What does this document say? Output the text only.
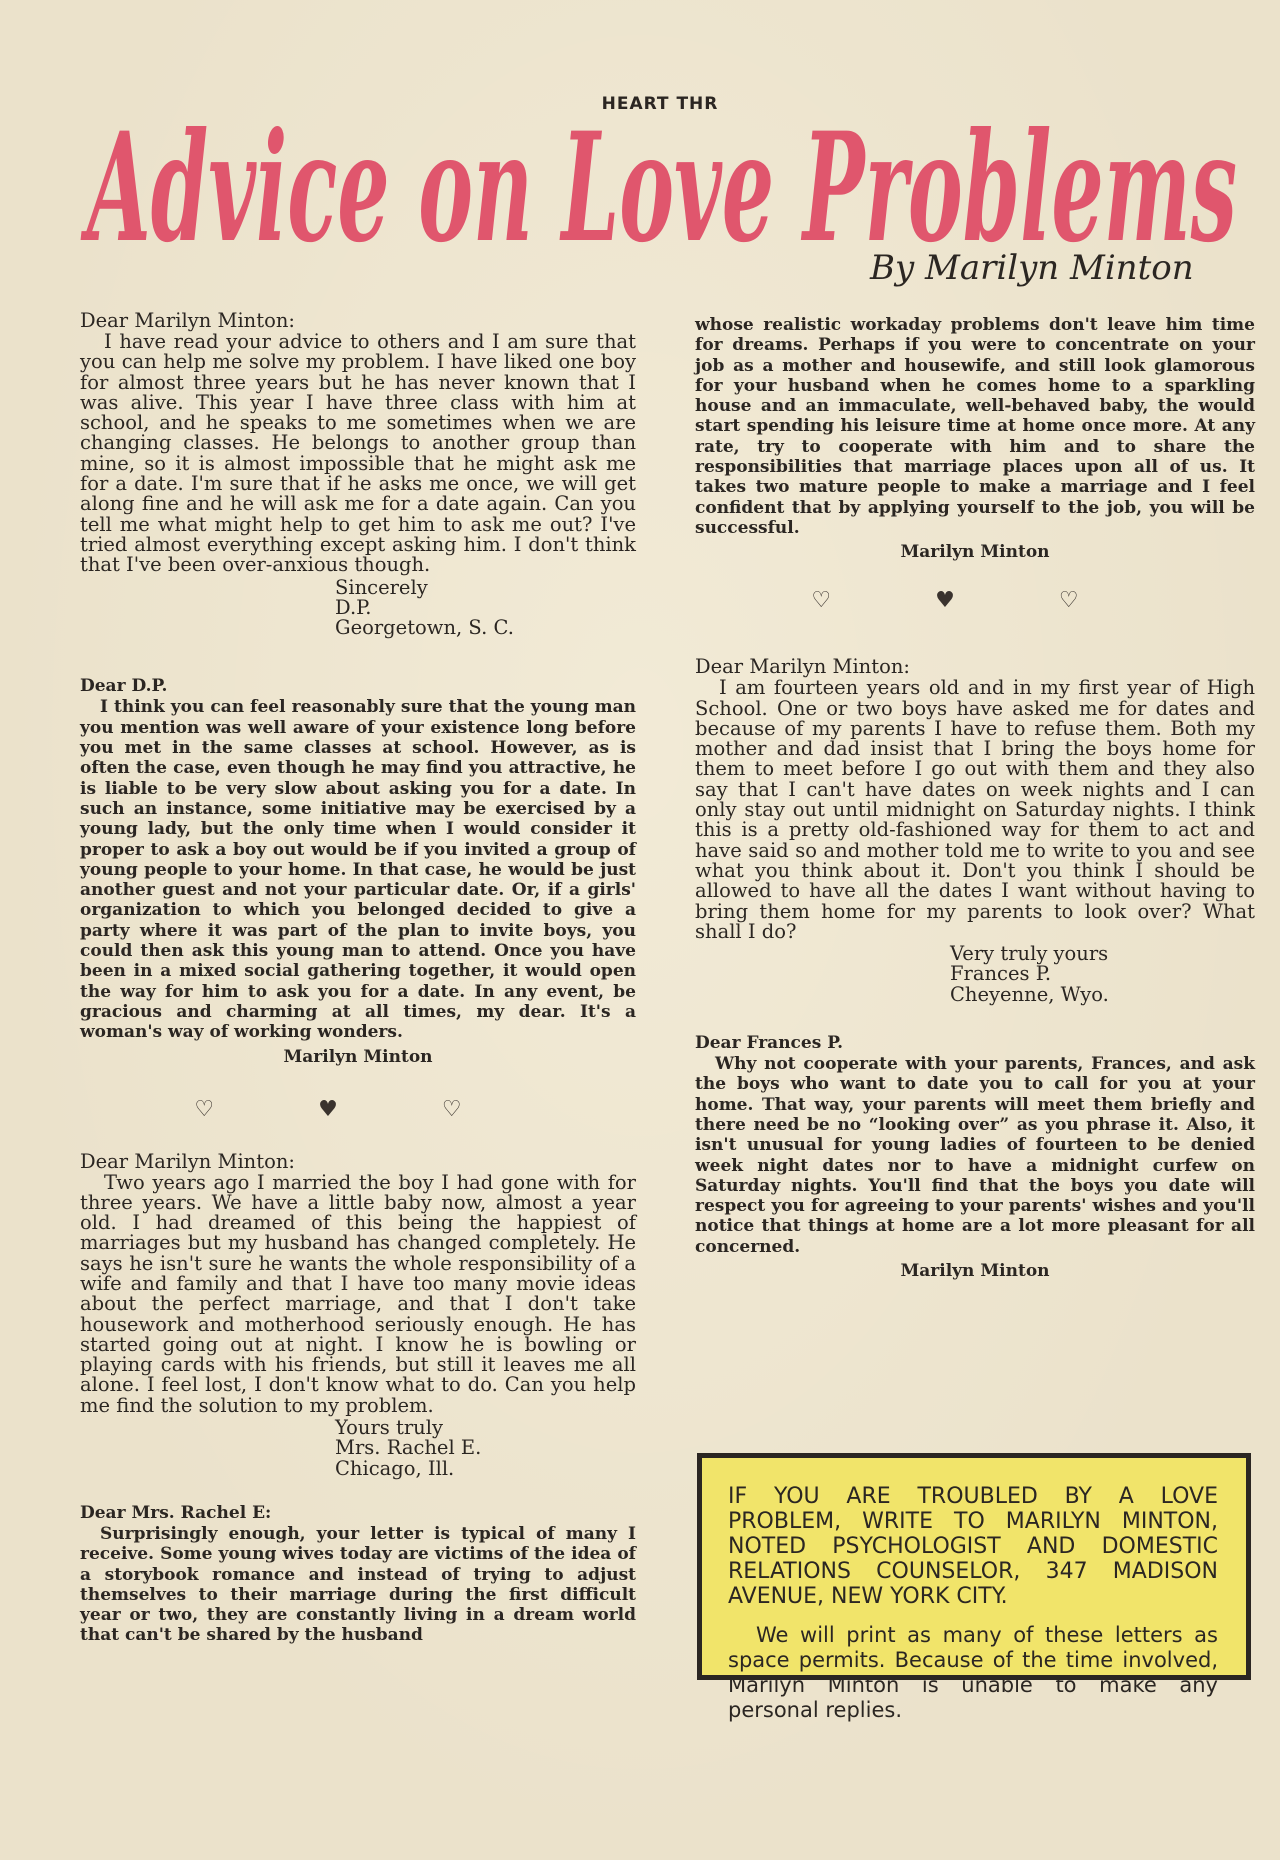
HEART THR
Advice on Love Problems
By Marilyn Minton

Dear Marilyn Minton:

I have read your advice to others and I am sure that you can help me solve my problem. I have liked one boy for almost three years but he has never known that I was alive. This year I have three class with him at school, and he speaks to me sometimes when we are changing classes. He belongs to another group than mine, so it is almost impossible that he might ask me for a date. I'm sure that if he asks me once, we will get along fine and he will ask me for a date again. Can you tell me what might help to get him to ask me out? I've tried almost everything except asking him. I don't think that I've been over-anxious though.

Sincerely
D.P.
Georgetown, S. C.

Dear D.P.

I think you can feel reasonably sure that the young man you mention was well aware of your existence long before you met in the same classes at school. However, as is often the case, even though he may find you attractive, he is liable to be very slow about asking you for a date. In such an instance, some initiative may be exercised by a young lady, but the only time when I would consider it proper to ask a boy out would be if you invited a group of young people to your home. In that case, he would be just another guest and not your particular date. Or, if a girls' organization to which you belonged decided to give a party where it was part of the plan to invite boys, you could then ask this young man to attend. Once you have been in a mixed social gathering together, it would open the way for him to ask you for a date. In any event, be gracious and charming at all times, my dear. It's a woman's way of working wonders.

Marilyn Minton
♡ ♥ ♡

Dear Marilyn Minton:

Two years ago I married the boy I had gone with for three years. We have a little baby now, almost a year old. I had dreamed of this being the happiest of marriages but my husband has changed completely. He says he isn't sure he wants the whole responsibility of a wife and family and that I have too many movie ideas about the perfect marriage, and that I don't take housework and motherhood seriously enough. He has started going out at night. I know he is bowling or playing cards with his friends, but still it leaves me all alone. I feel lost, I don't know what to do. Can you help me find the solution to my problem.

Yours truly
Mrs. Rachel E.
Chicago, Ill.

Dear Mrs. Rachel E:

Surprisingly enough, your letter is typical of many I receive. Some young wives today are victims of the idea of a storybook romance and instead of trying to adjust themselves to their marriage during the first difficult year or two, they are constantly living in a dream world that can't be shared by the husband

whose realistic workaday problems don't leave him time for dreams. Perhaps if you were to concentrate on your job as a mother and housewife, and still look glamorous for your husband when he comes home to a sparkling house and an immaculate, well-behaved baby, the would start spending his leisure time at home once more. At any rate, try to cooperate with him and to share the responsibilities that marriage places upon all of us. It takes two mature people to make a marriage and I feel confident that by applying yourself to the job, you will be successful.

Marilyn Minton
♡ ♥ ♡

Dear Marilyn Minton:

I am fourteen years old and in my first year of High School. One or two boys have asked me for dates and because of my parents I have to refuse them. Both my mother and dad insist that I bring the boys home for them to meet before I go out with them and they also say that I can't have dates on week nights and I can only stay out until midnight on Saturday nights. I think this is a pretty old-fashioned way for them to act and have said so and mother told me to write to you and see what you think about it. Don't you think I should be allowed to have all the dates I want without having to bring them home for my parents to look over? What shall I do?

Very truly yours
Frances P.
Cheyenne, Wyo.

Dear Frances P.

Why not cooperate with your parents, Frances, and ask the boys who want to date you to call for you at your home. That way, your parents will meet them briefly and there need be no “looking over” as you phrase it. Also, it isn't unusual for young ladies of fourteen to be denied week night dates nor to have a midnight curfew on Saturday nights. You'll find that the boys you date will respect you for agreeing to your parents' wishes and you'll notice that things at home are a lot more pleasant for all concerned.

Marilyn Minton

IF YOU ARE TROUBLED BY A LOVE PROBLEM, WRITE TO MARILYN MINTON, NOTED PSYCHOLOGIST AND DOMESTIC RELATIONS COUNSELOR, 347 MADISON AVENUE, NEW YORK CITY.

We will print as many of these letters as space permits. Because of the time involved, Marilyn Minton is unable to make any personal replies.
